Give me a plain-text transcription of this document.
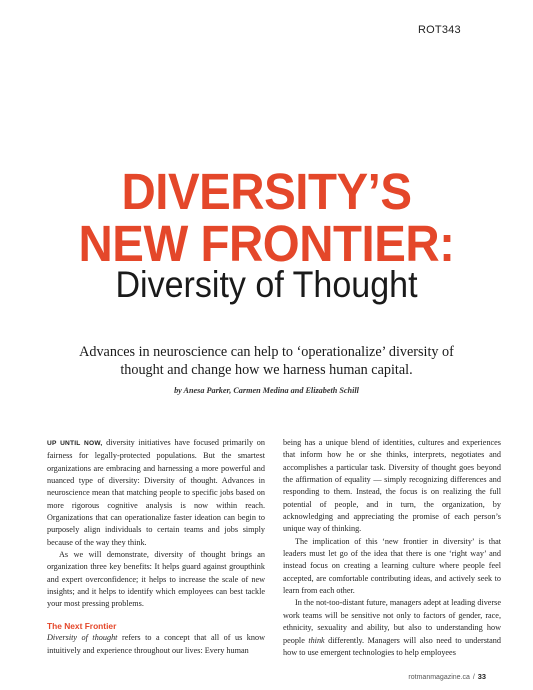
ROT343
DIVERSITY’S
NEW FRONTIER:
Diversity of Thought
Advances in neuroscience can help to ‘operationalize’ diversity of thought and change how we harness human capital.
by Anesa Parker, Carmen Medina and Elizabeth Schill

UP UNTIL NOW, diversity initiatives have focused primarily on fairness for legally-protected populations. But the smartest organizations are embracing and harnessing a more powerful and nuanced type of diversity: Diversity of thought. Advances in neuroscience mean that matching people to specific jobs based on more rigorous cognitive analysis is now within reach. Organizations that can operationalize faster ideation can begin to purposely align individuals to certain teams and jobs simply because of the way they think.

As we will demonstrate, diversity of thought brings an organization three key benefits: It helps guard against groupthink and expert overconfidence; it helps to increase the scale of new insights; and it helps to identify which employees can best tackle your most pressing problems.

The Next Frontier

Diversity of thought refers to a concept that all of us know intuitively and experience throughout our lives: Every human

being has a unique blend of identities, cultures and experiences that inform how he or she thinks, interprets, negotiates and accomplishes a particular task. Diversity of thought goes beyond the affirmation of equality — simply recognizing differences and responding to them. Instead, the focus is on realizing the full potential of people, and in turn, the organization, by acknowledging and appreciating the promise of each person’s unique way of thinking.

The implication of this ‘new frontier in diversity’ is that leaders must let go of the idea that there is one ‘right way’ and instead focus on creating a learning culture where people feel accepted, are comfortable contributing ideas, and actively seek to learn from each other.

In the not-too-distant future, managers adept at leading diverse work teams will be sensitive not only to factors of gender, race, ethnicity, sexuality and ability, but also to understanding how people think differently. Managers will also need to understand how to use emergent technologies to help employees

rotmanmagazine.ca / 33
